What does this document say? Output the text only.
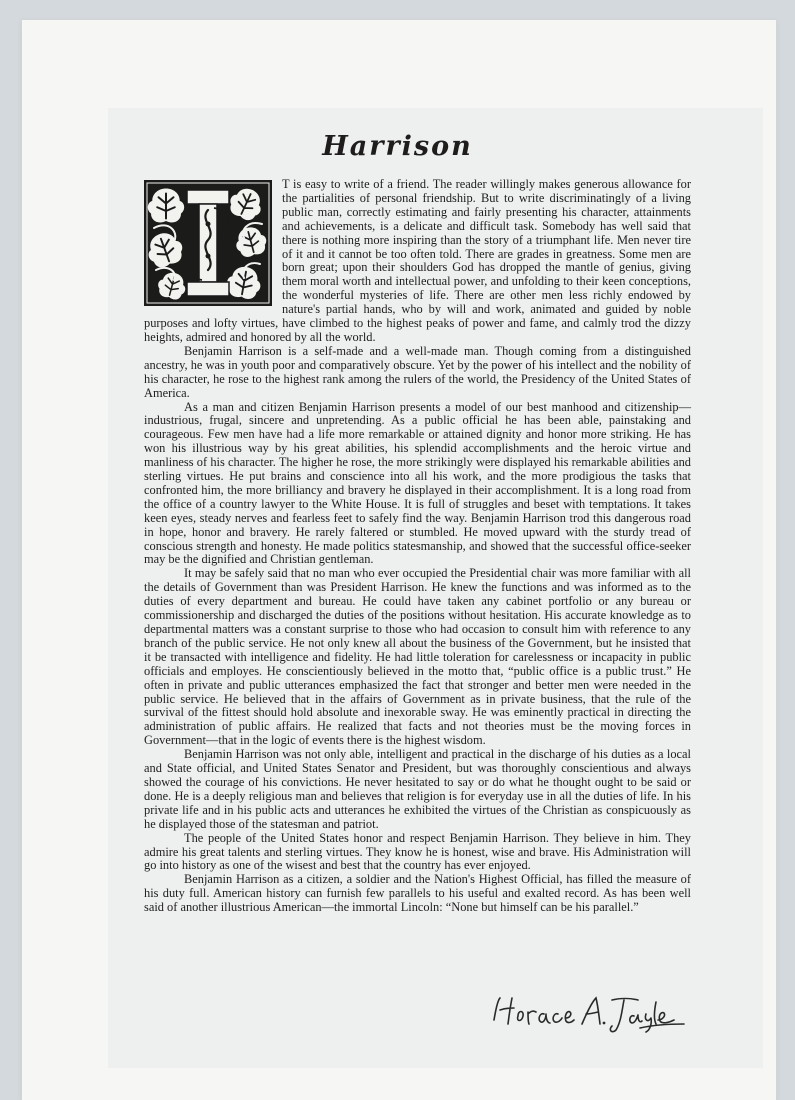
Harrison

T is easy to write of a friend. The reader willingly makes generous allowance for the partialities of personal friendship. But to write discriminatingly of a living public man, correctly estimating and fairly presenting his character, attainments and achievements, is a delicate and difficult task. Somebody has well said that there is nothing more inspiring than the story of a triumphant life. Men never tire of it and it cannot be too often told. There are grades in greatness. Some men are born great; upon their shoulders God has dropped the mantle of genius, giving them moral worth and intellectual power, and unfolding to their keen conceptions, the wonderful mysteries of life. There are other men less richly endowed by nature's partial hands, who by will and work, animated and guided by noble purposes and lofty virtues, have climbed to the highest peaks of power and fame, and calmly trod the dizzy heights, admired and honored by all the world.

Benjamin Harrison is a self-made and a well-made man. Though coming from a distinguished ancestry, he was in youth poor and comparatively obscure. Yet by the power of his intellect and the nobility of his character, he rose to the highest rank among the rulers of the world, the Presidency of the United States of America.

As a man and citizen Benjamin Harrison presents a model of our best manhood and citizenship—industrious, frugal, sincere and unpretending. As a public official he has been able, painstaking and courageous. Few men have had a life more remarkable or attained dignity and honor more striking. He has won his illustrious way by his great abilities, his splendid accomplishments and the heroic virtue and manliness of his character. The higher he rose, the more strikingly were displayed his remarkable abilities and sterling virtues. He put brains and conscience into all his work, and the more prodigious the tasks that confronted him, the more brilliancy and bravery he displayed in their accomplishment. It is a long road from the office of a country lawyer to the White House. It is full of struggles and beset with temptations. It takes keen eyes, steady nerves and fearless feet to safely find the way. Benjamin Harrison trod this dangerous road in hope, honor and bravery. He rarely faltered or stumbled. He moved upward with the sturdy tread of conscious strength and honesty. He made politics statesmanship, and showed that the successful office-seeker may be the dignified and Christian gentleman.

It may be safely said that no man who ever occupied the Presidential chair was more familiar with all the details of Government than was President Harrison. He knew the functions and was informed as to the duties of every department and bureau. He could have taken any cabinet portfolio or any bureau or commissionership and discharged the duties of the positions without hesitation. His accurate knowledge as to departmental matters was a constant surprise to those who had occasion to consult him with reference to any branch of the public service. He not only knew all about the business of the Government, but he insisted that it be transacted with intelligence and fidelity. He had little toleration for carelessness or incapacity in public officials and employes. He conscientiously believed in the motto that, “public office is a public trust.” He often in private and public utterances emphasized the fact that stronger and better men were needed in the public service. He believed that in the affairs of Government as in private business, that the rule of the survival of the fittest should hold absolute and inexorable sway. He was eminently practical in directing the administration of public affairs. He realized that facts and not theories must be the moving forces in Government—that in the logic of events there is the highest wisdom.

Benjamin Harrison was not only able, intelligent and practical in the discharge of his duties as a local and State official, and United States Senator and President, but was thoroughly conscientious and always showed the courage of his convictions. He never hesitated to say or do what he thought ought to be said or done. He is a deeply religious man and believes that religion is for everyday use in all the duties of life. In his private life and in his public acts and utterances he exhibited the virtues of the Christian as conspicuously as he displayed those of the statesman and patriot.

The people of the United States honor and respect Benjamin Harrison. They believe in him. They admire his great talents and sterling virtues. They know he is honest, wise and brave. His Administration will go into history as one of the wisest and best that the country has ever enjoyed.

Benjamin Harrison as a citizen, a soldier and the Nation's Highest Official, has filled the measure of his duty full. American history can furnish few parallels to his useful and exalted record. As has been well said of another illustrious American—the immortal Lincoln: “None but himself can be his parallel.”

Horace A. Taylor
